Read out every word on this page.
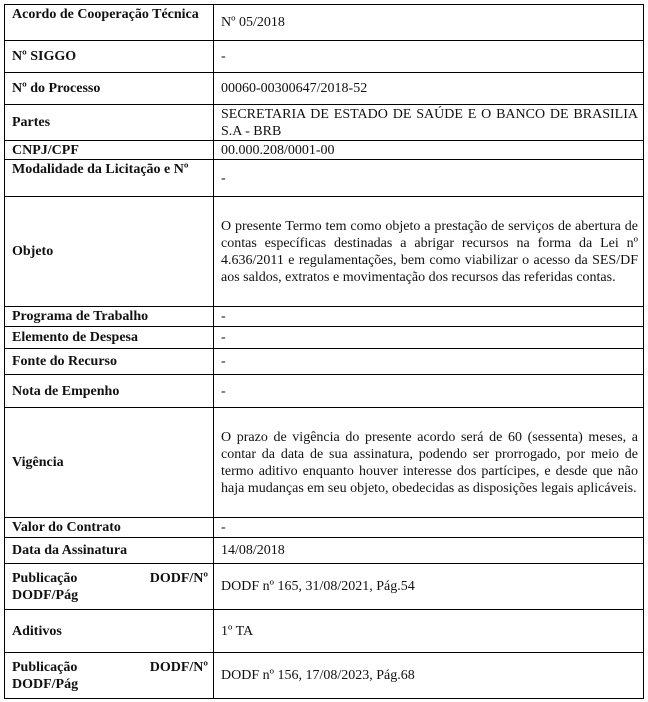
Acordo de Cooperação Técnica	Nº 05/2018
Nº SIGGO	-
Nº do Processo	00060-00300647/2018-52
Partes	SECRETARIA DE ESTADO DE SAÚDE E O BANCO DE BRASILIA S.A - BRB
CNPJ/CPF	00.000.208/0001-00
Modalidade da Licitação e Nº	-
Objeto	O presente Termo tem como objeto a prestação de serviços de abertura de contas específicas destinadas a abrigar recursos na forma da Lei nº 4.636/2011 e regulamentações, bem como viabilizar o acesso da SES/DF aos saldos, extratos e movimentação dos recursos das referidas contas.
Programa de Trabalho	-
Elemento de Despesa	-
Fonte do Recurso	-
Nota de Empenho	-
Vigência	O prazo de vigência do presente acordo será de 60 (sessenta) meses, a contar da data de sua assinatura, podendo ser prorrogado, por meio de termo aditivo enquanto houver interesse dos partícipes, e desde que não haja mudanças em seu objeto, obedecidas as disposições legais aplicáveis.
Valor do Contrato	-
Data da Assinatura	14/08/2018
Publicação DODF/Nº DODF/Pág	DODF nº 165, 31/08/2021, Pág.54
Aditivos	1º TA
Publicação DODF/Nº DODF/Pág	DODF nº 156, 17/08/2023, Pág.68
